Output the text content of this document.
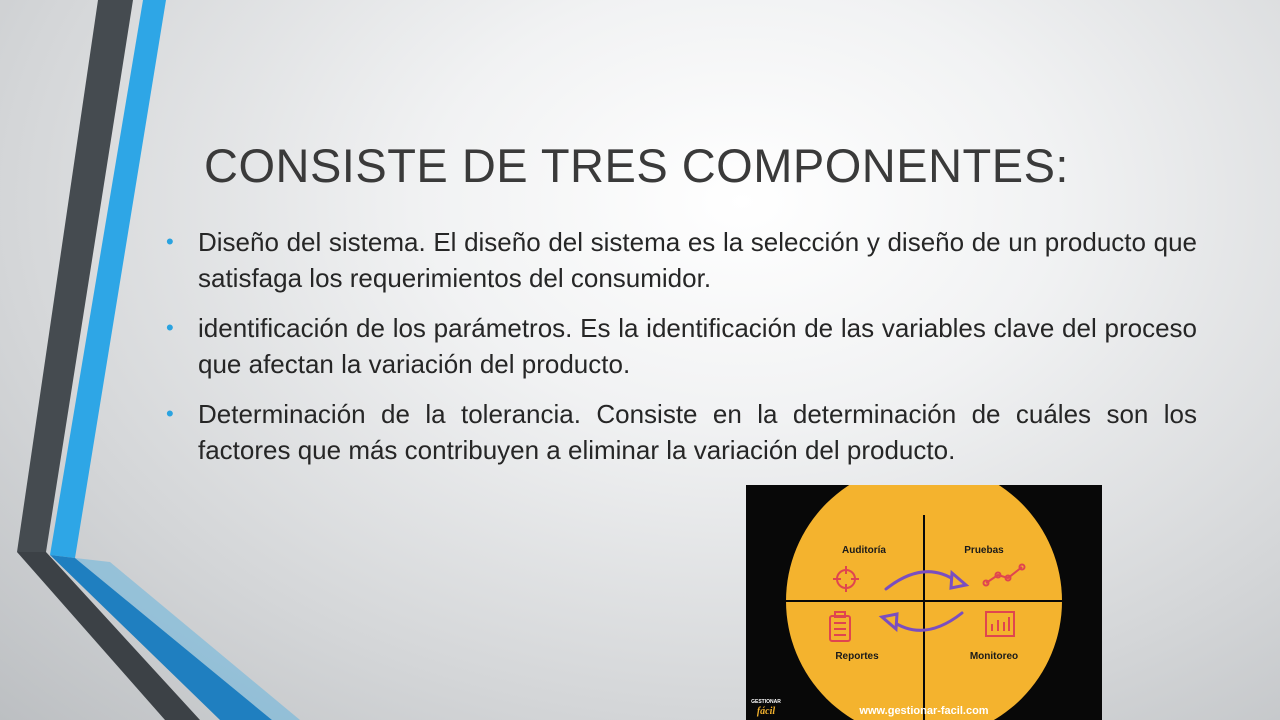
CONSISTE DE TRES COMPONENTES:
• Diseño del sistema. El diseño del sistema es la selección y diseño de un producto que satisfaga los requerimientos del consumidor.
• identificación de los parámetros. Es la identificación de las variables clave del proceso que afectan la variación del producto.
• Determinación de la tolerancia. Consiste en la determinación de cuáles son los factores que más contribuyen a eliminar la variación del producto.
Auditoría	Pruebas
Reportes	Monitoreo
GESTIONAR
fácil	www.gestionar-facil.com
